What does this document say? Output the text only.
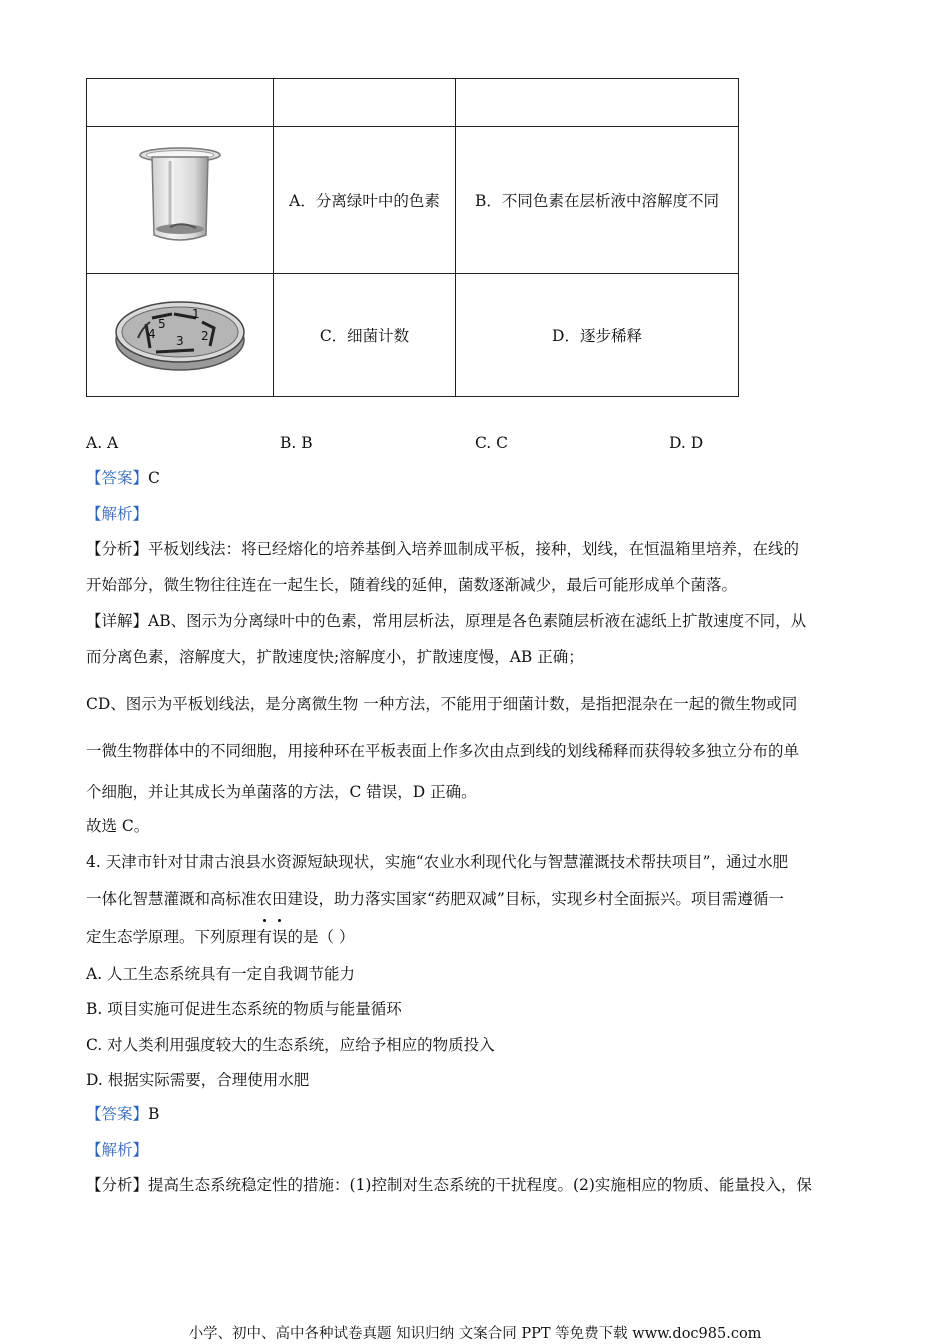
	A．分离绿叶中的色素	B．不同色素在层析液中溶解度不同

1
2
3
4
5	C．细菌计数	D．逐步稀释
A. A	B. B	C. C	D. D
【答案】C
【解析】
【分析】平板划线法：将已经熔化的培养基倒入培养皿制成平板，接种，划线，在恒温箱里培养，在线的
开始部分，微生物往往连在一起生长，随着线的延伸，菌数逐渐减少，最后可能形成单个菌落。
【详解】AB、图示为分离绿叶中的色素，常用层析法，原理是各色素随层析液在滤纸上扩散速度不同，从
而分离色素，溶解度大，扩散速度快;溶解度小，扩散速度慢，AB 正确；
CD、图示为平板划线法，是分离微生物 一种方法，不能用于细菌计数，是指把混杂在一起的微生物或同
一微生物群体中的不同细胞，用接种环在平板表面上作多次由点到线的划线稀释而获得较多独立分布的单
个细胞，并让其成长为单菌落的方法，C 错误，D 正确。
故选 C。
4. 天津市针对甘肃古浪县水资源短缺现状，实施“农业水利现代化与智慧灌溉技术帮扶项目”，通过水肥
一体化智慧灌溉和高标准农田建设，助力落实国家“药肥双减”目标，实现乡村全面振兴。项目需遵循一
定生态学原理。下列原理
有
误的是（ ）
A. 人工生态系统具有一定自我调节能力
B. 项目实施可促进生态系统的物质与能量循环
C. 对人类利用强度较大的生态系统，应给予相应的物质投入
D. 根据实际需要，合理使用水肥
【答案】B
【解析】
【分析】提高生态系统稳定性的措施：(1)控制对生态系统的干扰程度。(2)实施相应的物质、能量投入，保
小学、初中、高中各种试卷真题 知识归纳 文案合同 PPT 等免费下载 www.doc985.com
